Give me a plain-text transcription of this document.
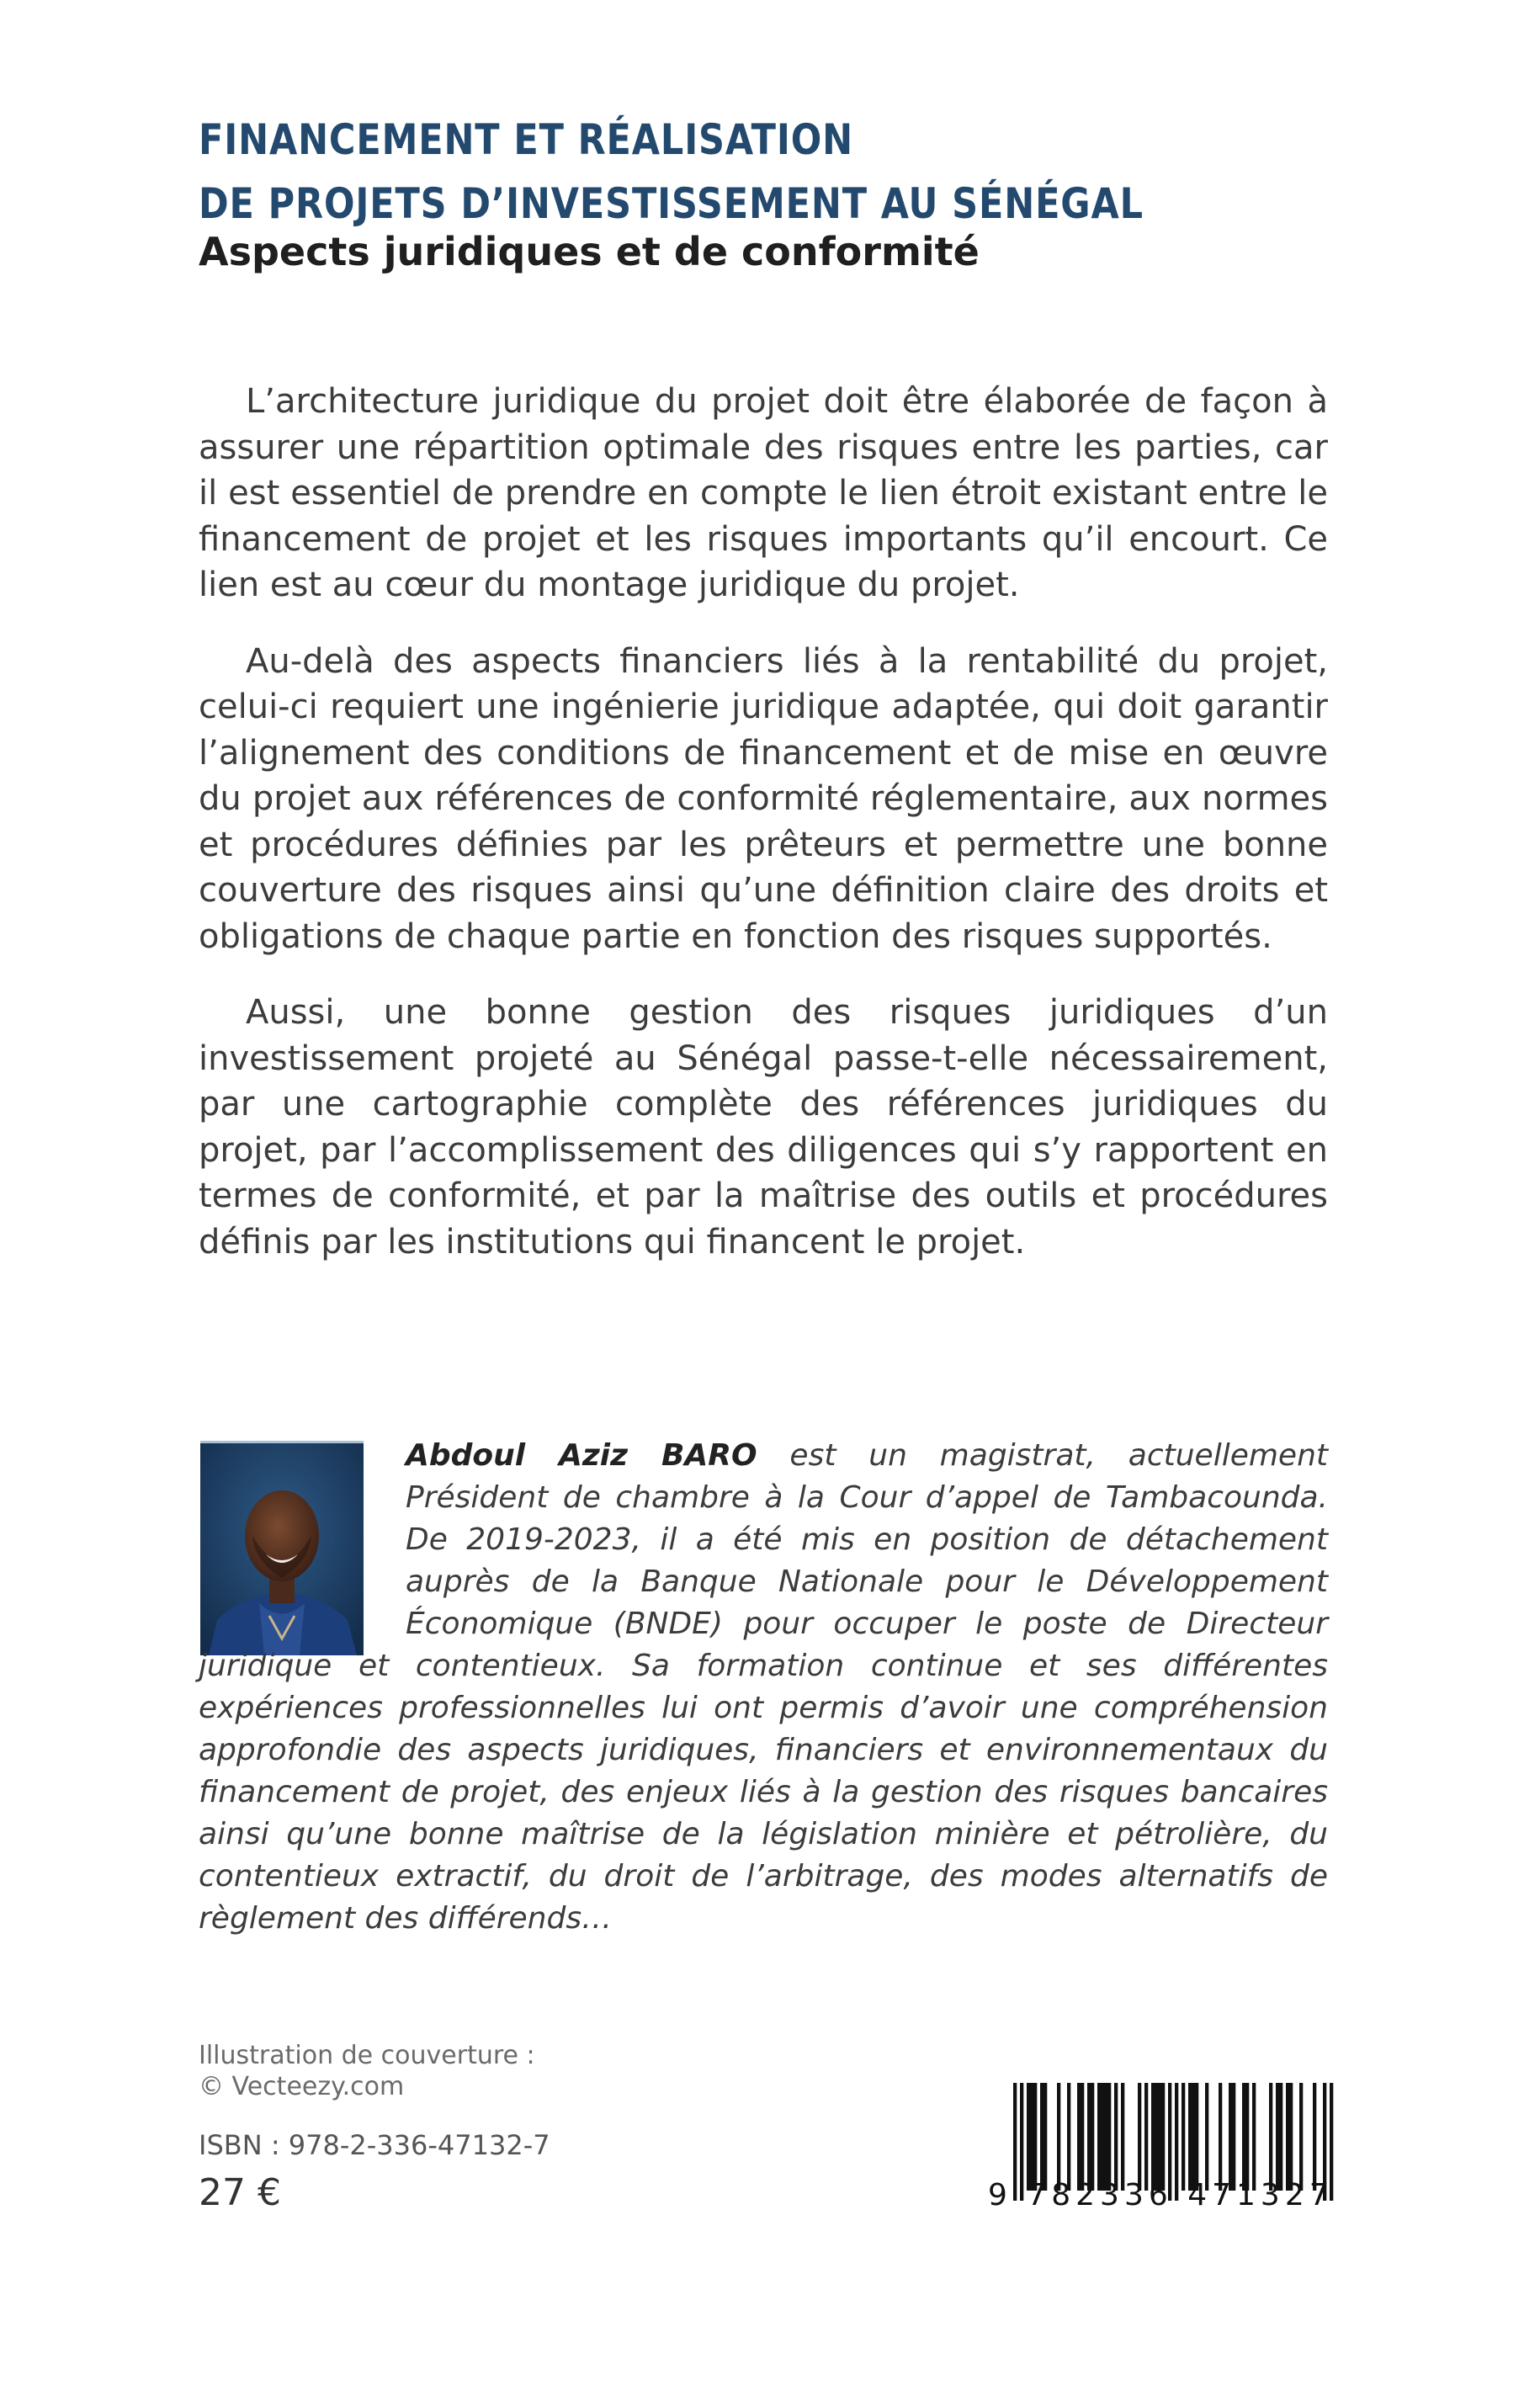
FINANCEMENT ET RÉALISATION
DE PROJETS D’INVESTISSEMENT AU SÉNÉGAL
Aspects juridiques et de conformité

L’architecture juridique du projet doit être élaborée de façon à assurer une répartition optimale des risques entre les parties, car il est essentiel de prendre en compte le lien étroit existant entre le financement de projet et les risques importants qu’il encourt. Ce lien est au cœur du montage juridique du projet.

Au-delà des aspects financiers liés à la rentabilité du projet, celui-ci requiert une ingénierie juridique adaptée, qui doit garantir l’alignement des conditions de financement et de mise en œuvre du projet aux références de conformité réglementaire, aux normes et procédures définies par les prêteurs et permettre une bonne couverture des risques ainsi qu’une définition claire des droits et obligations de chaque partie en fonction des risques supportés.

Aussi, une bonne gestion des risques juridiques d’un investissement projeté au Sénégal passe-t-elle nécessairement, par une cartographie complète des références juridiques du projet, par l’accomplissement des diligences qui s’y rapportent en termes de conformité, et par la maîtrise des outils et procédures définis par les institutions qui financent le projet.

Abdoul Aziz BARO est un magistrat, actuellement Président de chambre à la Cour d’appel de Tambacounda. De 2019-2023, il a été mis en position de détachement auprès de la Banque Nationale pour le Développement Économique (BNDE) pour occuper le poste de Directeur juridique et contentieux. Sa formation continue et ses différentes expériences professionnelles lui ont permis d’avoir une compréhension approfondie des aspects juridiques, financiers et environnementaux du financement de projet, des enjeux liés à la gestion des risques bancaires ainsi qu’une bonne maîtrise de la législation minière et pétrolière, du contentieux extractif, du droit de l’arbitrage, des modes alternatifs de règlement des différends…

Illustration de couverture :
© Vecteezy.com
ISBN : 978-2-336-47132-7
27 €	9 782336 471327
